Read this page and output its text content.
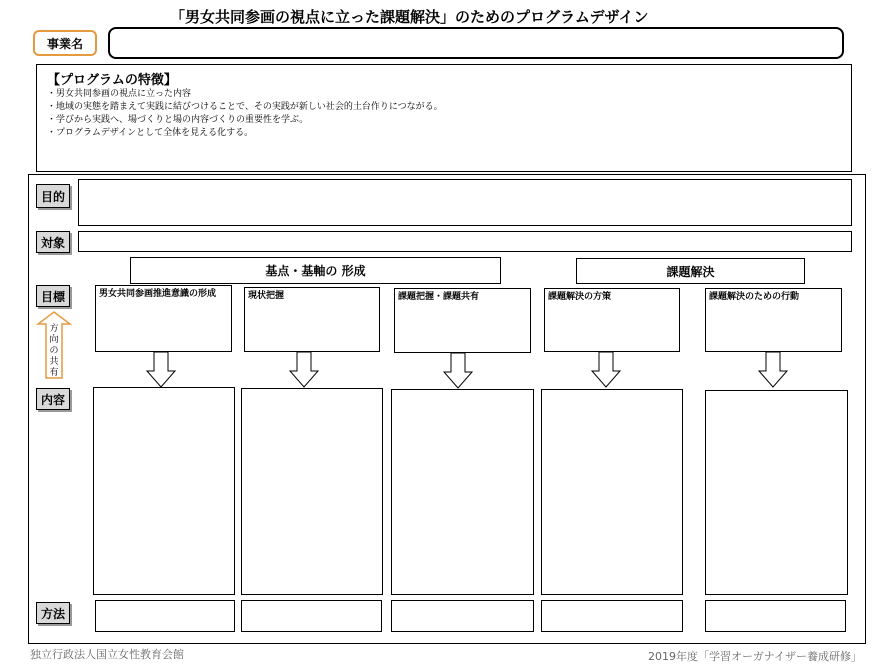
「男女共同参画の視点に立った課題解決」のためのプログラムデザイン
事業名
【プログラムの特徴】
・男女共同参画の視点に立った内容
・地域の実態を踏まえて実践に結びつけることで、その実践が新しい社会的土台作りにつながる。
・学びから実践へ、場づくりと場の内容づくりの重要性を学ぶ。
・プログラムデザインとして全体を見える化する。
目的
対象
基点・基軸の 形成	課題解決
目標
方
向
の
共
有
男女共同参画推進意識の形成	現状把握	課題把握・課題共有	課題解決の方策	課題解決のための行動
内容
方法
独立行政法人国立女性教育会館	2019年度「学習オーガナイザー養成研修」
